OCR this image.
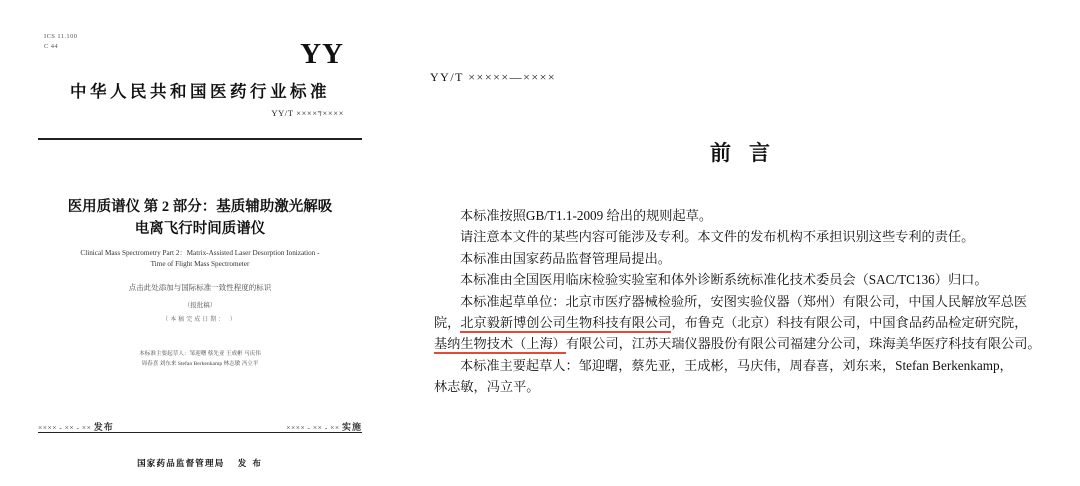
ICS 11.100
C 44	YY
中华人民共和国医药行业标准
YY/T ××××ד××××
医用质谱仪 第 2 部分：基质辅助激光解吸
电离飞行时间质谱仪
Clinical Mass Spectrometry Part 2：Matrix-Assisted Laser Desorption Ionization -
Time of Flight Mass Spectrometer
点击此处添加与国际标准一致性程度的标识
（报批稿）
（本稿完成日期： ）
本标准主要起草人：邹迎曙 蔡先亚 王成彬 马庆伟
周春喜 刘东来 Stefan Berkenkamp 林志敏 冯立平
×××× - ×× - ×× 发布	×××× - ×× - ×× 实施
国家药品监督管理局 发 布
YY/T ×××××—××××
前言

本标准按照GB/T1.1-2009 给出的规则起草。

请注意本文件的某些内容可能涉及专利。本文件的发布机构不承担识别这些专利的责任。

本标准由国家药品监督管理局提出。

本标准由全国医用临床检验实验室和体外诊断系统标准化技术委员会（SAC/TC136）归口。

本标准起草单位：北京市医疗器械检验所，安图实验仪器（郑州）有限公司，中国人民解放军总医

院，北京毅新博创公司生物科技有限公司，布鲁克（北京）科技有限公司，中国食品药品检定研究院，

基纳生物技术（上海）有限公司，江苏天瑞仪器股份有限公司福建分公司，珠海美华医疗科技有限公司。

本标准主要起草人：邹迎曙，蔡先亚，王成彬，马庆伟，周春喜，刘东来，Stefan Berkenkamp，

林志敏，冯立平。
